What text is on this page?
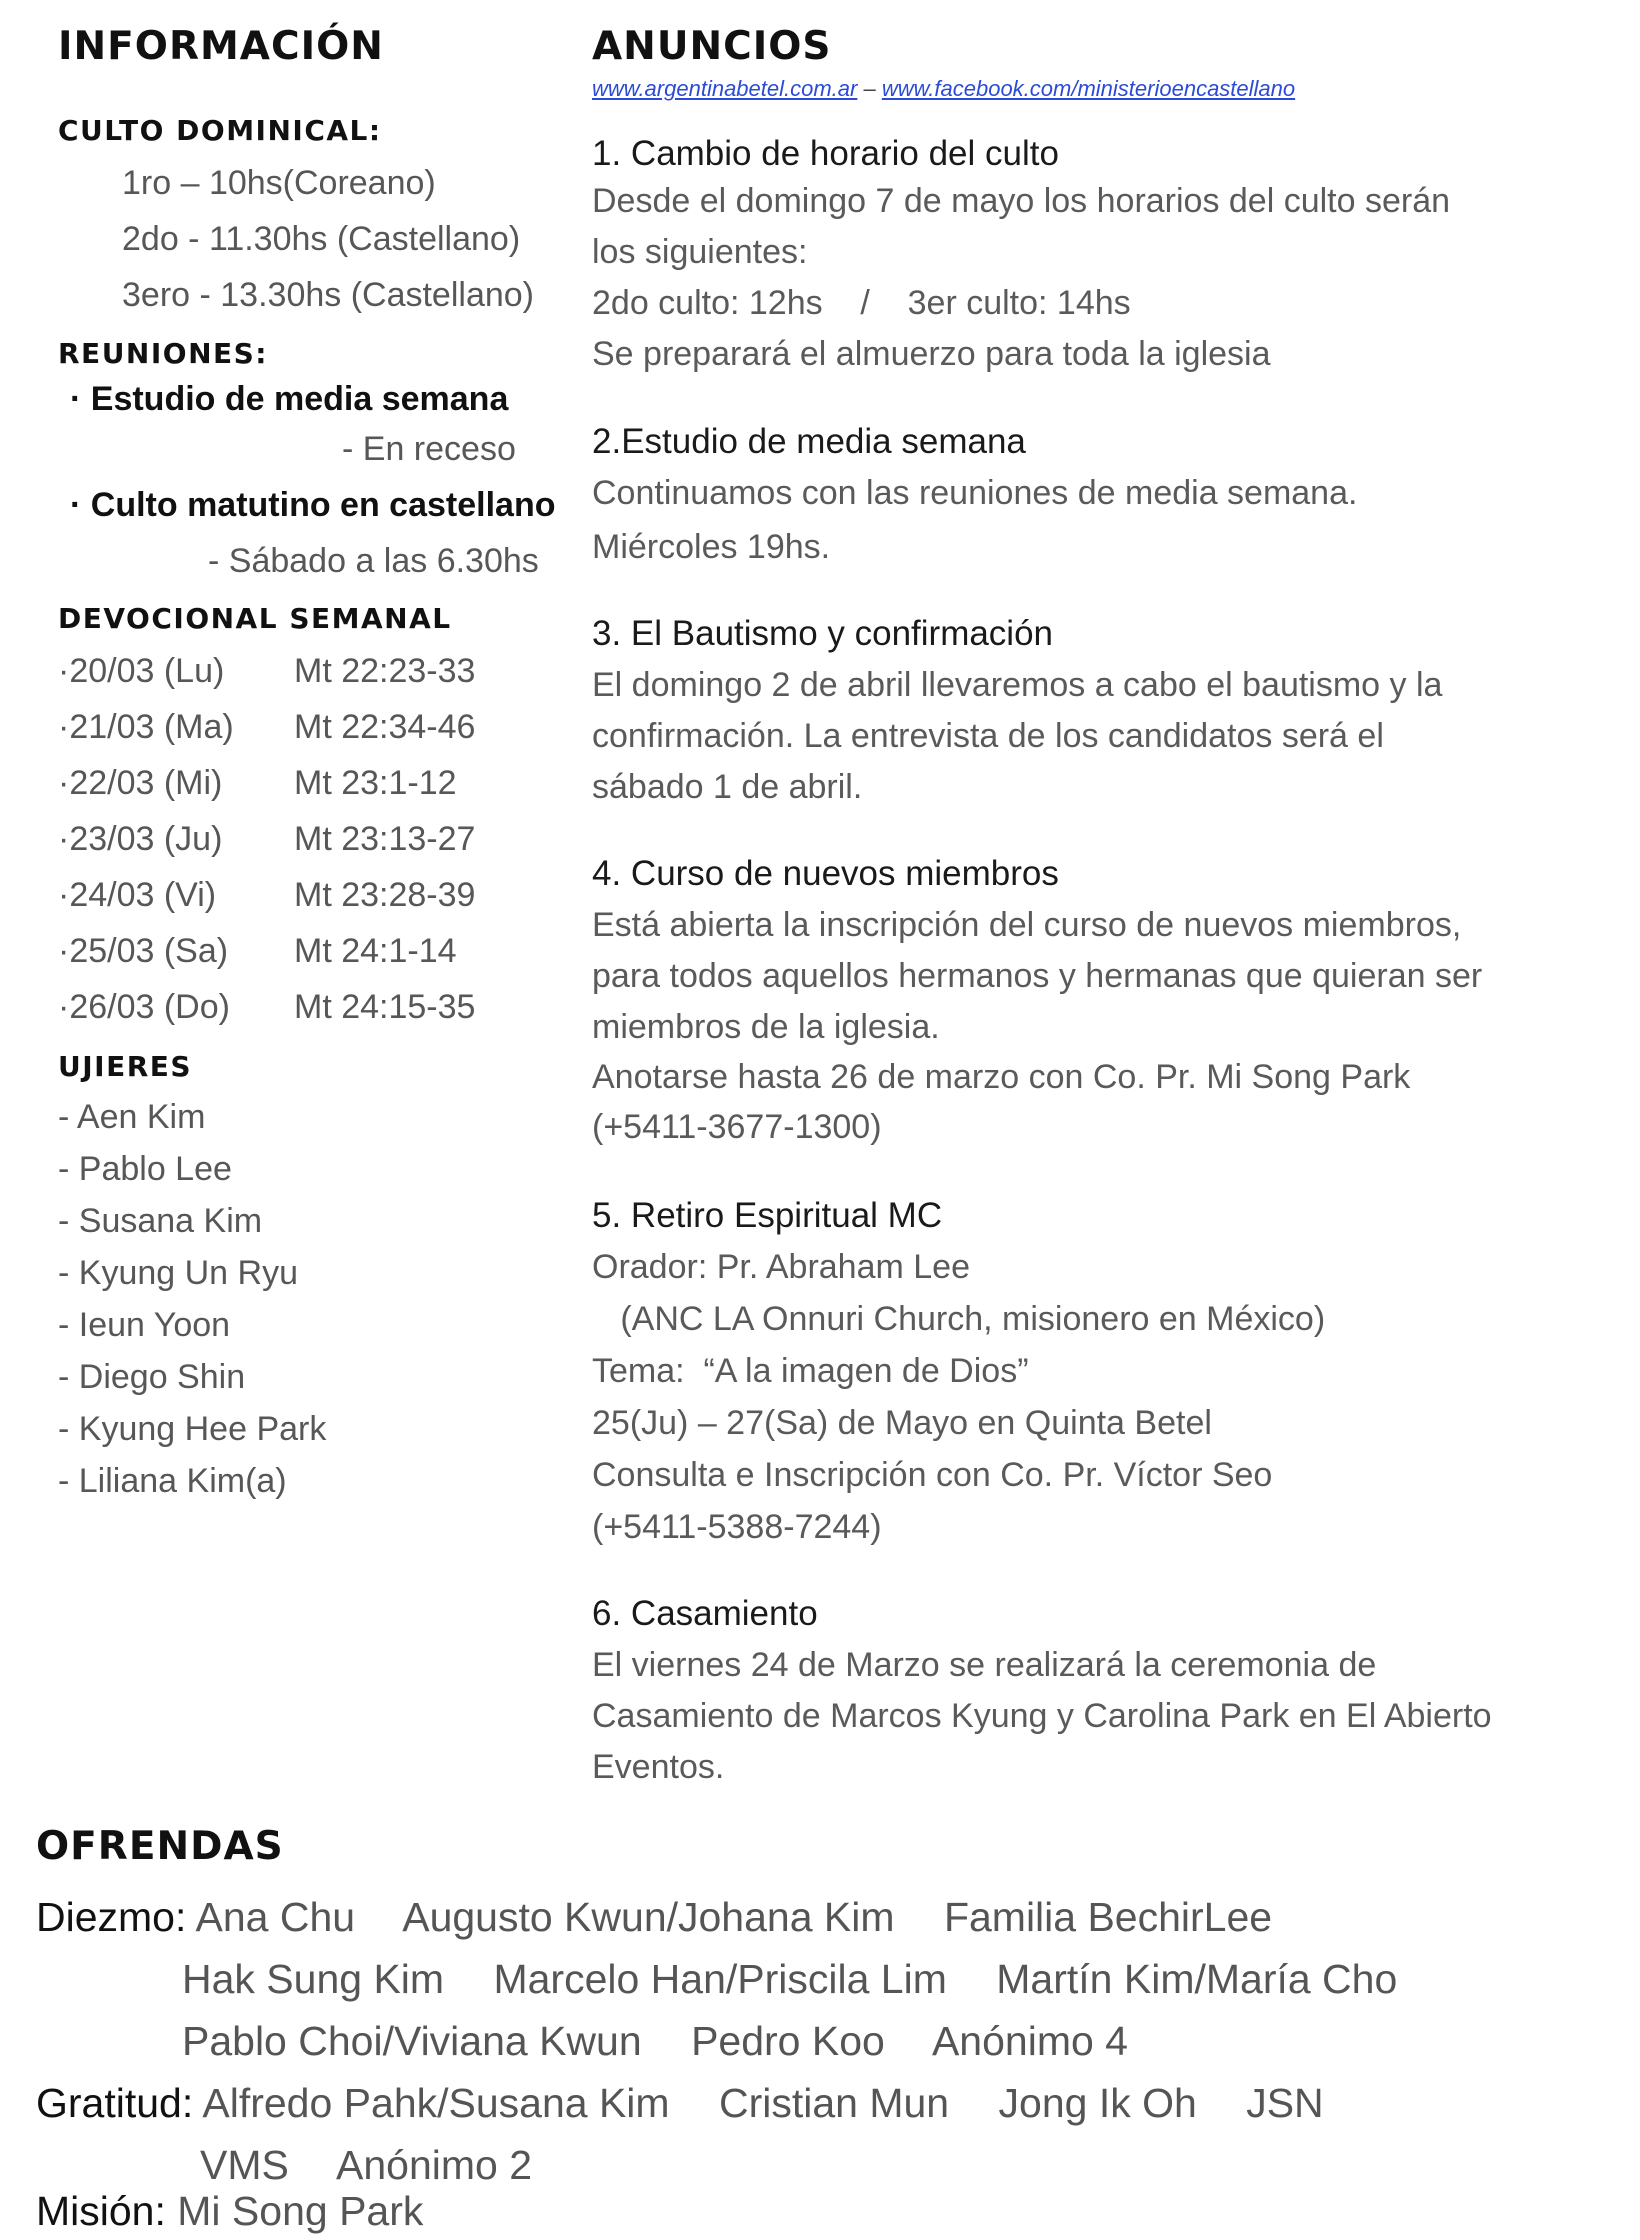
INFORMACIÓN
CULTO DOMINICAL:
1ro – 10hs(Coreano)
2do - 11.30hs (Castellano)
3ero - 13.30hs (Castellano)
REUNIONES:
· Estudio de media semana
- En receso
· Culto matutino en castellano
- Sábado a las 6.30hs
DEVOCIONAL SEMANAL
·20/03 (Lu) Mt 22:23-33
·21/03 (Ma) Mt 22:34-46
·22/03 (Mi) Mt 23:1-12
·23/03 (Ju) Mt 23:13-27
·24/03 (Vi) Mt 23:28-39
·25/03 (Sa) Mt 24:1-14
·26/03 (Do) Mt 24:15-35
UJIERES
- Aen Kim
- Pablo Lee
- Susana Kim
- Kyung Un Ryu
- Ieun Yoon
- Diego Shin
- Kyung Hee Park
- Liliana Kim(a)
ANUNCIOS
www.argentinabetel.com.ar – www.facebook.com/ministerioencastellano
1. Cambio de horario del culto
Desde el domingo 7 de mayo los horarios del culto serán
los siguientes:
2do culto: 12hs    /    3er culto: 14hs
Se preparará el almuerzo para toda la iglesia
2.Estudio de media semana
Continuamos con las reuniones de media semana.
Miércoles 19hs.
3. El Bautismo y confirmación
El domingo 2 de abril llevaremos a cabo el bautismo y la
confirmación. La entrevista de los candidatos será el
sábado 1 de abril.
4. Curso de nuevos miembros
Está abierta la inscripción del curso de nuevos miembros,
para todos aquellos hermanos y hermanas que quieran ser
miembros de la iglesia.
Anotarse hasta 26 de marzo con Co. Pr. Mi Song Park
(+5411-3677-1300)
5. Retiro Espiritual MC
Orador: Pr. Abraham Lee
(ANC LA Onnuri Church, misionero en México)
Tema:  “A la imagen de Dios”
25(Ju) – 27(Sa) de Mayo en Quinta Betel
Consulta e Inscripción con Co. Pr. Víctor Seo
(+5411-5388-7244)
6. Casamiento
El viernes 24 de Marzo se realizará la ceremonia de
Casamiento de Marcos Kyung y Carolina Park en El Abierto
Eventos.
OFRENDAS
Diezmo: Ana Chu Augusto Kwun/Johana Kim Familia BechirLee
Hak Sung Kim Marcelo Han/Priscila Lim Martín Kim/María Cho
Pablo Choi/Viviana Kwun Pedro Koo Anónimo 4
Gratitud: Alfredo Pahk/Susana Kim Cristian Mun Jong Ik Oh JSN
VMS Anónimo 2
Misión: Mi Song Park
